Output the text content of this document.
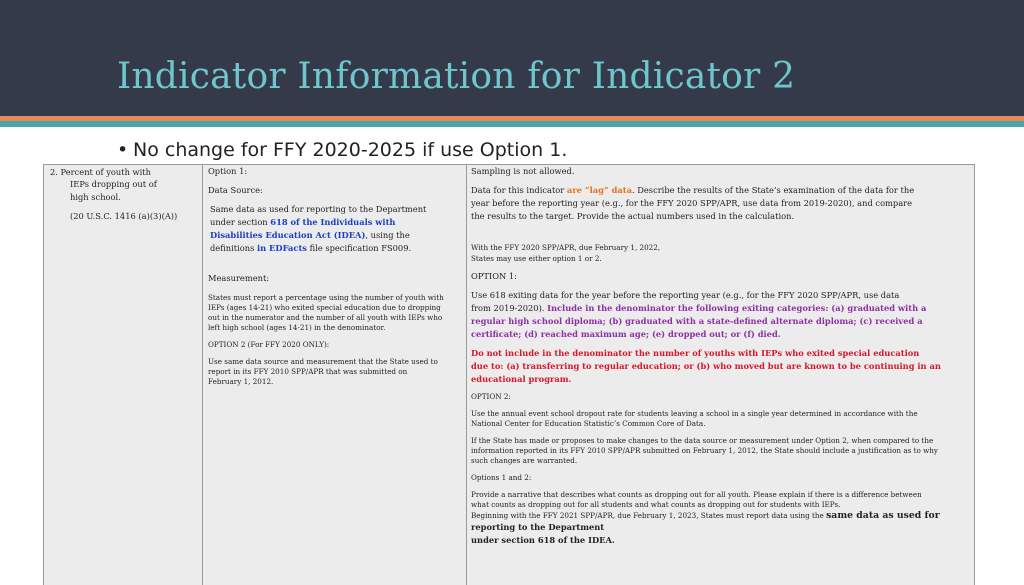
Indicator Information for Indicator 2
• No change for FFY 2020-2025 if use Option 1.

2. Percent of youth with

IEPs dropping out of

high school.

(20 U.S.C. 1416 (a)(3)(A))

Option 1:

Data Source:

Same data as used for reporting to the Department

under section 618 of the Individuals with

Disabilities Education Act (IDEA), using the

definitions in EDFacts file specification FS009.

Measurement:

States must report a percentage using the number of youth with

IEPs (ages 14-21) who exited special education due to dropping

out in the numerator and the number of all youth with IEPs who

left high school (ages 14-21) in the denominator.

OPTION 2 (For FFY 2020 ONLY):

Use same data source and measurement that the State used to

report in its FFY 2010 SPP/APR that was submitted on

February 1, 2012.

Sampling is not allowed.

Data for this indicator are “lag” data. Describe the results of the State’s examination of the data for the

year before the reporting year (e.g., for the FFY 2020 SPP/APR, use data from 2019-2020), and compare

the results to the target. Provide the actual numbers used in the calculation.

With the FFY 2020 SPP/APR, due February 1, 2022,

States may use either option 1 or 2.

OPTION 1:

Use 618 exiting data for the year before the reporting year (e.g., for the FFY 2020 SPP/APR, use data

from 2019-2020). Include in the denominator the following exiting categories: (a) graduated with a

regular high school diploma; (b) graduated with a state-defined alternate diploma; (c) received a

certificate; (d) reached maximum age; (e) dropped out; or (f) died.

Do not include in the denominator the number of youths with IEPs who exited special education

due to: (a) transferring to regular education; or (b) who moved but are known to be continuing in an

educational program.

OPTION 2:

Use the annual event school dropout rate for students leaving a school in a single year determined in accordance with the

National Center for Education Statistic’s Common Core of Data.

If the State has made or proposes to make changes to the data source or measurement under Option 2, when compared to the

information reported in its FFY 2010 SPP/APR submitted on February 1, 2012, the State should include a justification as to why

such changes are warranted.

Options 1 and 2:

Provide a narrative that describes what counts as dropping out for all youth. Please explain if there is a difference between

what counts as dropping out for all students and what counts as dropping out for students with IEPs.

Beginning with the FFY 2021 SPP/APR, due February 1, 2023, States must report data using the same data as used for

reporting to the Department

under section 618 of the IDEA.
